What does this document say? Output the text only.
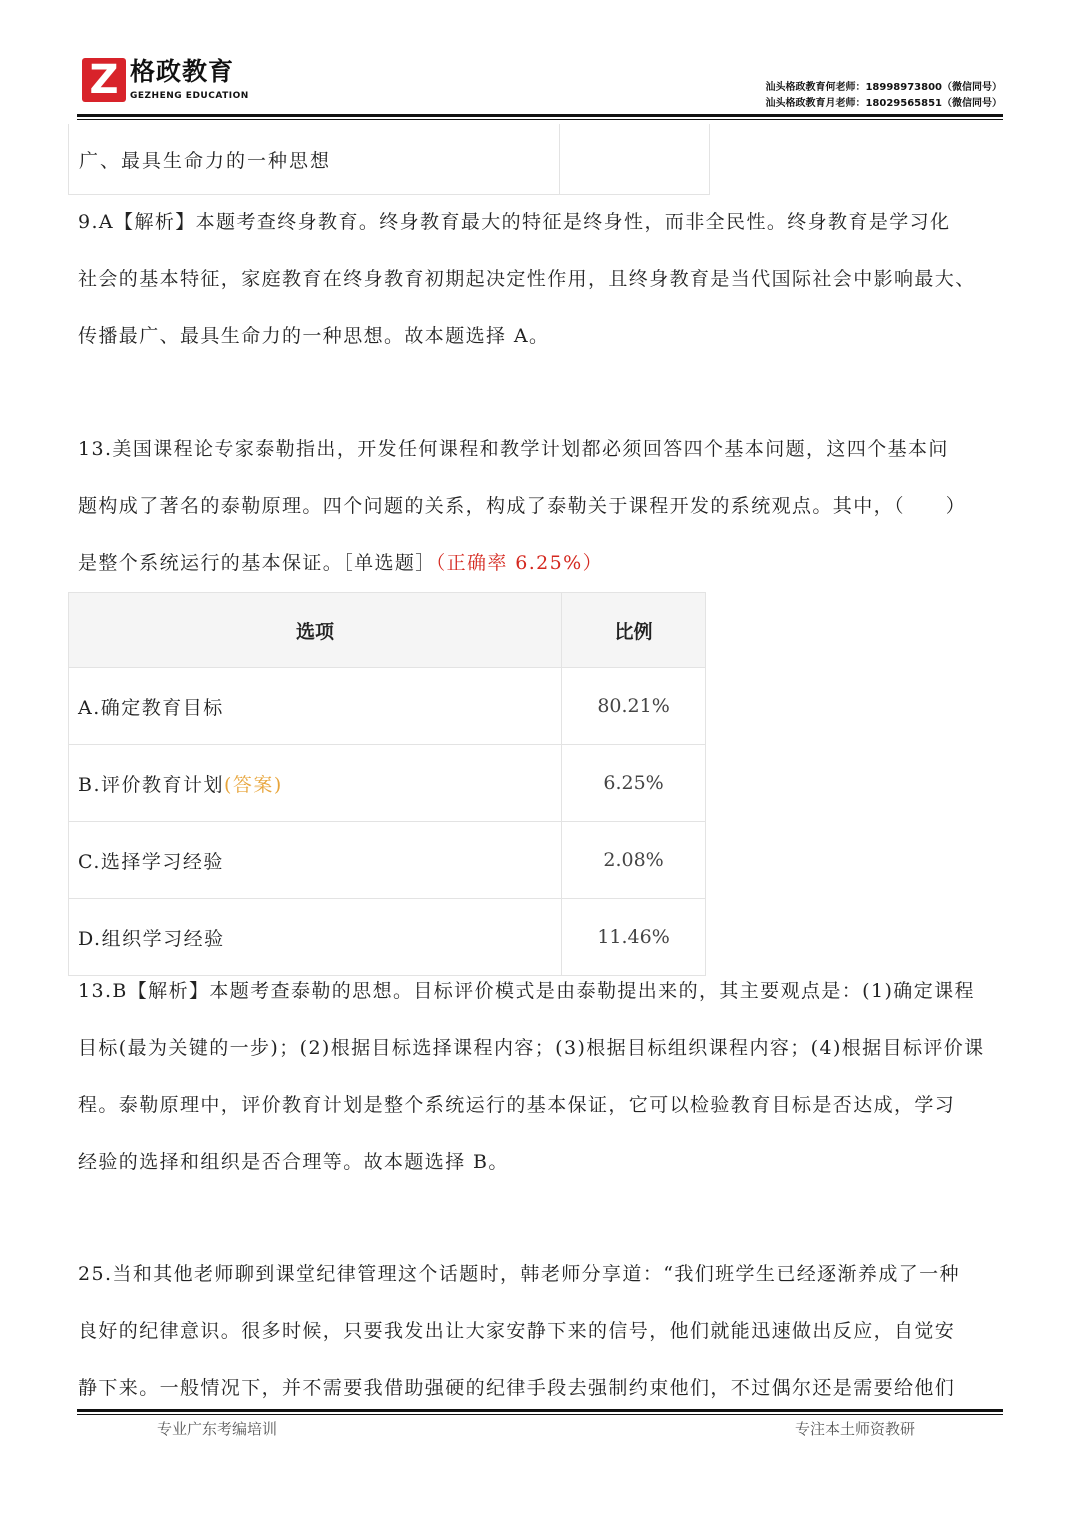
Z 格政教育
GEZHENG EDUCATION
汕头格政教育何老师：18998973800（微信同号）
汕头格政教育月老师：18029565851（微信同号）
广、最具生命力的一种思想
9.A【解析】本题考查终身教育。终身教育最大的特征是终身性，而非全民性。终身教育是学习化
社会的基本特征，家庭教育在终身教育初期起决定性作用，且终身教育是当代国际社会中影响最大、
传播最广、最具生命力的一种思想。故本题选择 A。
13.美国课程论专家泰勒指出，开发任何课程和教学计划都必须回答四个基本问题，这四个基本问
题构成了著名的泰勒原理。四个问题的关系，构成了泰勒关于课程开发的系统观点。其中，（　　）
是整个系统运行的基本保证。［单选题］（正确率 6.25%）
选项	比例
A.确定教育目标	80.21%
B.评价教育计划(答案)	6.25%
C.选择学习经验	2.08%
D.组织学习经验	11.46%
13.B【解析】本题考查泰勒的思想。目标评价模式是由泰勒提出来的，其主要观点是：(1)确定课程
目标(最为关键的一步)；(2)根据目标选择课程内容；(3)根据目标组织课程内容；(4)根据目标评价课
程。泰勒原理中，评价教育计划是整个系统运行的基本保证，它可以检验教育目标是否达成，学习
经验的选择和组织是否合理等。故本题选择 B。
25.当和其他老师聊到课堂纪律管理这个话题时，韩老师分享道：“我们班学生已经逐渐养成了一种
良好的纪律意识。很多时候，只要我发出让大家安静下来的信号，他们就能迅速做出反应，自觉安
静下来。一般情况下，并不需要我借助强硬的纪律手段去强制约束他们，不过偶尔还是需要给他们
专业广东考编培训	专注本土师资教研
